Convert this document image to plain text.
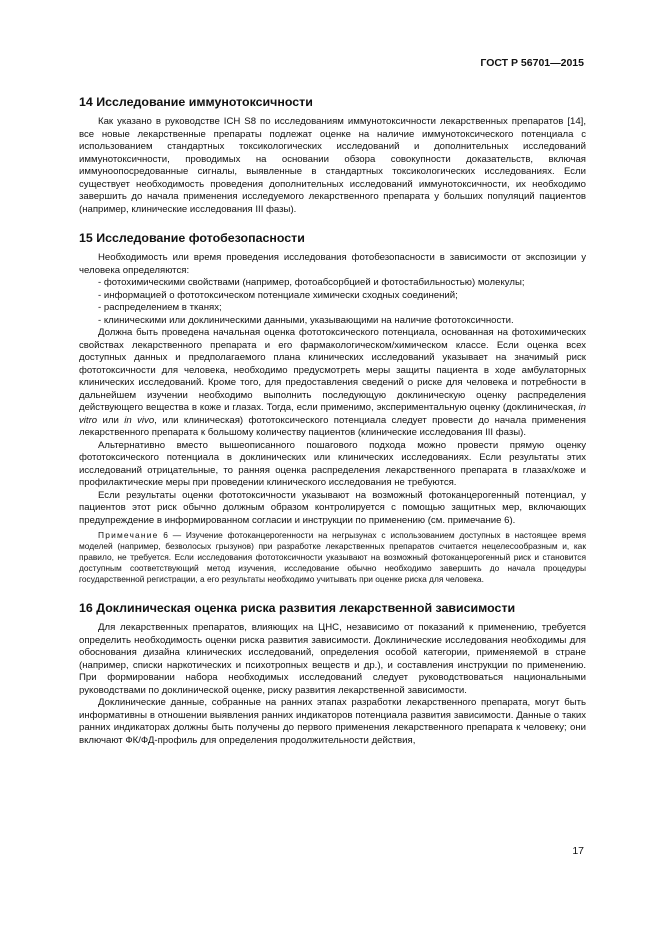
ГОСТ Р 56701—2015
14 Исследование иммунотоксичности

Как указано в руководстве ICH S8 по исследованиям иммунотоксичности лекарственных препаратов [14], все новые лекарственные препараты подлежат оценке на наличие иммунотоксического потенциала с использованием стандартных токсикологических исследований и дополнительных исследований иммунотоксичности, проводимых на основании обзора совокупности доказательств, включая иммуноопосредованные сигналы, выявленные в стандартных токсикологических исследованиях. Если существует необходимость проведения дополнительных исследований иммунотоксичности, их необходимо завершить до начала применения исследуемого лекарственного препарата у больших популяций пациентов (например, клинические исследования III фазы).

15 Исследование фотобезопасности

Необходимость или время проведения исследования фотобезопасности в зависимости от экспозиции у человека определяются:

- фотохимическими свойствами (например, фотоабсорбцией и фотостабильностью) молекулы;
- информацией о фототоксическом потенциале химически сходных соединений;
- распределением в тканях;
- клиническими или доклиническими данными, указывающими на наличие фототоксичности.

Должна быть проведена начальная оценка фототоксического потенциала, основанная на фотохимических свойствах лекарственного препарата и его фармакологическом/химическом классе. Если оценка всех доступных данных и предполагаемого плана клинических исследований указывает на значимый риск фототоксичности для человека, необходимо предусмотреть меры защиты пациента в ходе амбулаторных клинических исследований. Кроме того, для предоставления сведений о риске для человека и потребности в дальнейшем изучении необходимо выполнить последующую доклиническую оценку распределения действующего вещества в коже и глазах. Тогда, если применимо, экспериментальную оценку (доклиническая, in vitro или in vivo, или клиническая) фототоксического потенциала следует провести до начала применения лекарственного препарата к большому количеству пациентов (клинические исследования III фазы).

Альтернативно вместо вышеописанного пошагового подхода можно провести прямую оценку фототоксического потенциала в доклинических или клинических исследованиях. Если результаты этих исследований отрицательные, то ранняя оценка распределения лекарственного препарата в глазах/коже и профилактические меры при проведении клинического исследования не требуются.

Если результаты оценки фототоксичности указывают на возможный фотоканцерогенный потенциал, у пациентов этот риск обычно должным образом контролируется с помощью защитных мер, включающих предупреждение в информированном согласии и инструкции по применению (см. примечание 6).

Примечание 6 — Изучение фотоканцерогенности на негрызунах с использованием доступных в настоящее время моделей (например, безволосых грызунов) при разработке лекарственных препаратов считается нецелесообразным и, как правило, не требуется. Если исследования фототоксичности указывают на возможный фотоканцерогенный риск и становится доступным соответствующий метод изучения, исследование обычно необходимо завершить до начала процедуры государственной регистрации, а его результаты необходимо учитывать при оценке риска для человека.

16 Доклиническая оценка риска развития лекарственной зависимости

Для лекарственных препаратов, влияющих на ЦНС, независимо от показаний к применению, требуется определить необходимость оценки риска развития зависимости. Доклинические исследования необходимы для обоснования дизайна клинических исследований, определения особой категории, применяемой в стране (например, списки наркотических и психотропных веществ и др.), и составления инструкции по применению. При формировании набора необходимых исследований следует руководствоваться национальными руководствами по доклинической оценке, риску развития лекарственной зависимости.

Доклинические данные, собранные на ранних этапах разработки лекарственного препарата, могут быть информативны в отношении выявления ранних индикаторов потенциала развития зависимости. Данные о таких ранних индикаторах должны быть получены до первого применения лекарственного препарата к человеку; они включают ФК/ФД-профиль для определения продолжительности действия,

17
